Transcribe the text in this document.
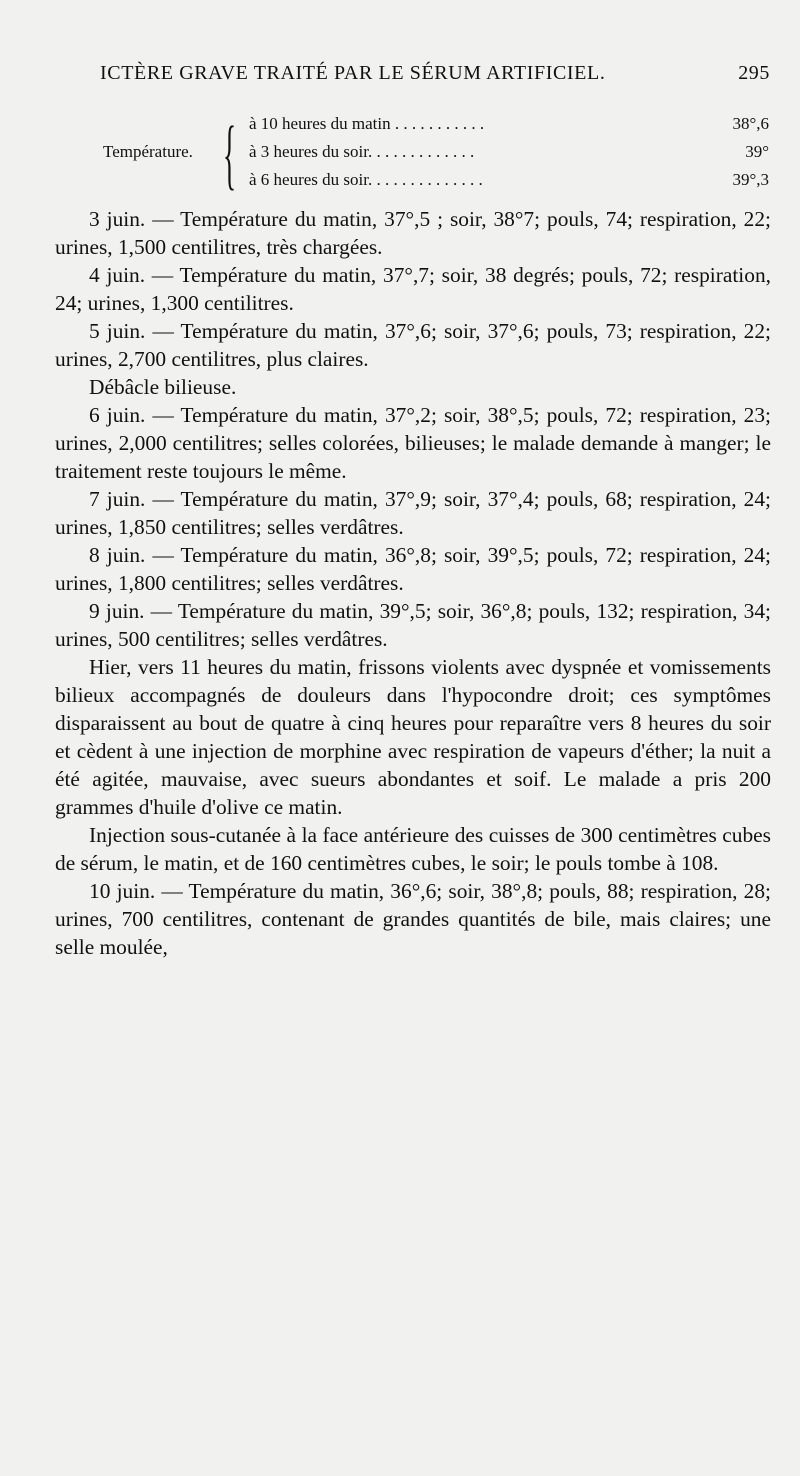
ICTÈRE GRAVE TRAITÉ PAR LE SÉRUM ARTIFICIEL.	295
Température. { à 10 heures du matin . . . . . . . . . . .	38°,6
à 3 heures du soir. . . . . . . . . . . . .	39°
à 6 heures du soir. . . . . . . . . . . . . .	39°,3

3 juin. — Température du matin, 37°,5 ; soir, 38°7; pouls, 74; respiration, 22; urines, 1,500 centilitres, très chargées.

4 juin. — Température du matin, 37°,7; soir, 38 degrés; pouls, 72; respiration, 24; urines, 1,300 centilitres.

5 juin. — Température du matin, 37°,6; soir, 37°,6; pouls, 73; respiration, 22; urines, 2,700 centilitres, plus claires.

Débâcle bilieuse.

6 juin. — Température du matin, 37°,2; soir, 38°,5; pouls, 72; respiration, 23; urines, 2,000 centilitres; selles colorées, bilieuses; le malade demande à manger; le traitement reste toujours le même.

7 juin. — Température du matin, 37°,9; soir, 37°,4; pouls, 68; respiration, 24; urines, 1,850 centilitres; selles verdâtres.

8 juin. — Température du matin, 36°,8; soir, 39°,5; pouls, 72; respiration, 24; urines, 1,800 centilitres; selles verdâtres.

9 juin. — Température du matin, 39°,5; soir, 36°,8; pouls, 132; respiration, 34; urines, 500 centilitres; selles verdâtres.

Hier, vers 11 heures du matin, frissons violents avec dyspnée et vomissements bilieux accompagnés de douleurs dans l'hypocondre droit; ces symptômes disparaissent au bout de quatre à cinq heures pour reparaître vers 8 heures du soir et cèdent à une injection de morphine avec respiration de vapeurs d'éther; la nuit a été agitée, mauvaise, avec sueurs abondantes et soif. Le malade a pris 200 grammes d'huile d'olive ce matin.

Injection sous-cutanée à la face antérieure des cuisses de 300 centimètres cubes de sérum, le matin, et de 160 centimètres cubes, le soir; le pouls tombe à 108.

10 juin. — Température du matin, 36°,6; soir, 38°,8; pouls, 88; respiration, 28; urines, 700 centilitres, contenant de grandes quantités de bile, mais claires; une selle moulée,
